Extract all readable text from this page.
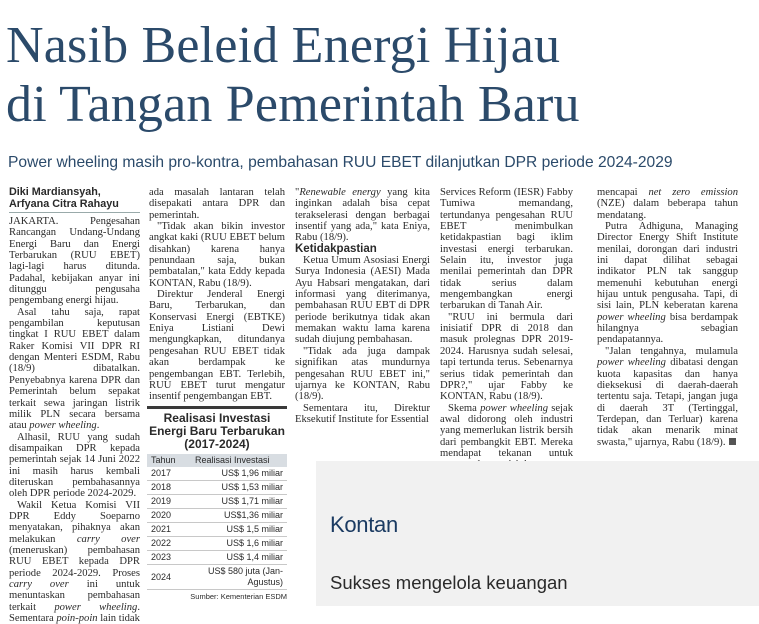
Nasib Beleid Energi Hijau
di Tangan Pemerintah Baru
Power wheeling masih pro-kontra, pembahasan RUU EBET dilanjutkan DPR periode 2024-2029
Diki Mardiansyah, Arfyana Citra Rahayu

JAKARTA. Pengesahan Rancangan Undang-Undang Energi Baru dan Energi Terbarukan (RUU EBET) lagi-lagi harus ditunda. Padahal, kebijakan anyar ini ditunggu pengusaha pengembang energi hijau.

Asal tahu saja, rapat pengambilan keputusan tingkat I RUU EBET dalam Raker Komisi VII DPR RI dengan Menteri ESDM, Rabu (18/9) dibatalkan. Penyebabnya karena DPR dan Pemerintah belum sepakat terkait sewa jaringan listrik milik PLN secara bersama atau power wheeling.

Alhasil, RUU yang sudah disampaikan DPR kepada pemerintah sejak 14 Juni 2022 ini masih harus kembali diteruskan pembahasannya oleh DPR periode 2024-2029.

Wakil Ketua Komisi VII DPR Eddy Soeparno menyatakan, pihaknya akan melakukan carry over (meneruskan) pembahasan RUU EBET kepada DPR periode 2024-2029. Proses carry over ini untuk menuntaskan pembahasan terkait power wheeling. Sementara poin-poin lain tidak

ada masalah lantaran telah disepakati antara DPR dan pemerintah.

"Tidak akan bikin investor angkat kaki (RUU EBET belum disahkan) karena hanya penundaan saja, bukan pembatalan," kata Eddy kepada KONTAN, Rabu (18/9).

Direktur Jenderal Energi Baru, Terbarukan, dan Konservasi Energi (EBTKE) Eniya Listiani Dewi mengungkapkan, ditundanya pengesahan RUU EBET tidak akan berdampak ke pengembangan EBT. Terlebih, RUU EBET turut mengatur insentif pengembangan EBT.

Realisasi Investasi Energi Baru Terbarukan (2017-2024)
Tahun	Realisasi Investasi
2017	US$ 1,96 miliar
2018	US$ 1,53 miliar
2019	US$ 1,71 miliar
2020	US$1,36 miliar
2021	US$ 1,5 miliar
2022	US$ 1,6 miliar
2023	US$ 1,4 miliar
2024	US$ 580 juta (Jan-Agustus)
Sumber: Kementerian ESDM

"Renewable energy yang kita inginkan adalah bisa cepat terakselerasi dengan berbagai insentif yang ada," kata Eniya, Rabu (18/9).

Ketidakpastian

Ketua Umum Asosiasi Energi Surya Indonesia (AESI) Mada Ayu Habsari mengatakan, dari informasi yang diterimanya, pembahasan RUU EBT di DPR periode berikutnya tidak akan memakan waktu lama karena sudah diujung pembahasan.

"Tidak ada juga dampak signifikan atas mundurnya pengesahan RUU EBET ini," ujarnya ke KONTAN, Rabu (18/9).

Sementara itu, Direktur Eksekutif Institute for Essential

Services Reform (IESR) Fabby Tumiwa memandang, tertundanya pengesahan RUU EBET menimbulkan ketidakpastian bagi iklim investasi energi terbarukan. Selain itu, investor juga menilai pemerintah dan DPR tidak serius dalam mengembangkan energi terbarukan di Tanah Air.

"RUU ini bermula dari inisiatif DPR di 2018 dan masuk prolegnas DPR 2019-2024. Harusnya sudah selesai, tapi tertunda terus. Sebenarnya serius tidak pemerintah dan DPR?," ujar Fabby ke KONTAN, Rabu (18/9).

Skema power wheeling sejak awal didorong oleh industri yang memerlukan listrik bersih dari pembangkit EBT. Mereka mendapat tekanan untuk

mencapai net zero emission (NZE) dalam beberapa tahun mendatang.

Putra Adhiguna, Managing Director Energy Shift Institute menilai, dorongan dari industri ini dapat dilihat sebagai indikator PLN tak sanggup memenuhi kebutuhan energi hijau untuk pengusaha. Tapi, di sisi lain, PLN keberatan karena power wheeling bisa berdampak hilangnya sebagian pendapatannya.

"Jalan tengahnya, mulamula power wheeling dibatasi dengan kuota kapasitas dan hanya dieksekusi di daerah-daerah tertentu saja. Tetapi, jangan juga di daerah 3T (Tertinggal, Terdepan, dan Terluar) karena tidak akan menarik minat swasta," ujarnya, Rabu (18/9).

Kontan
Sukses mengelola keuangan
